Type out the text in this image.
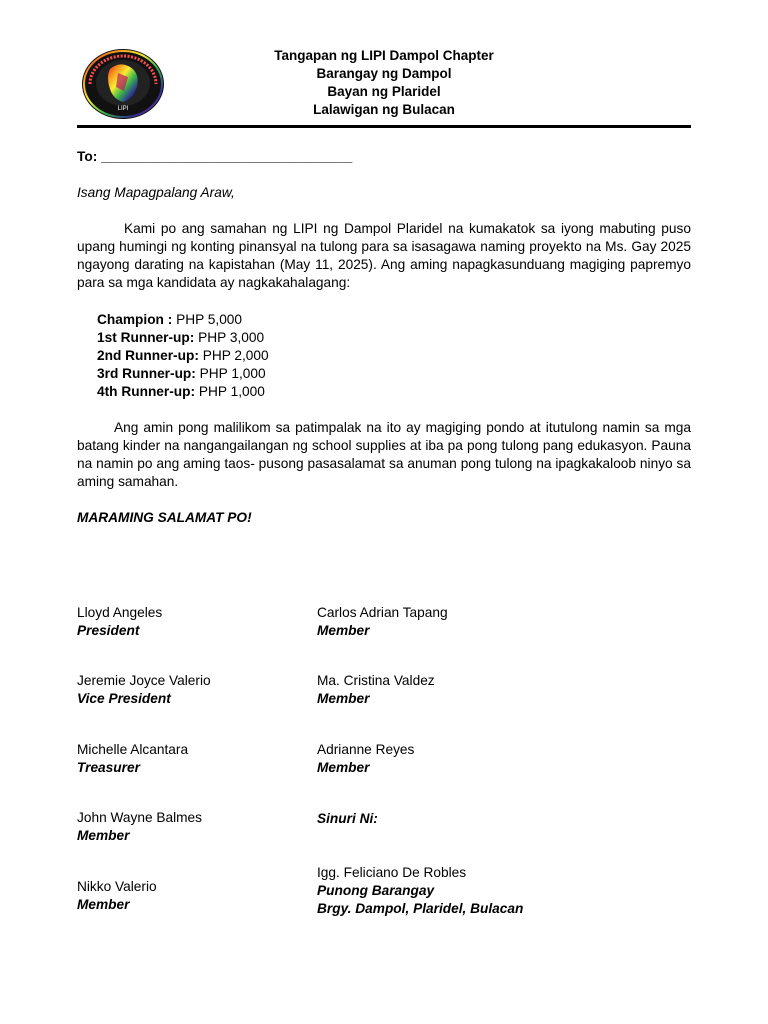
LIPI
Tangapan ng LIPI Dampol Chapter
Barangay ng Dampol
Bayan ng Plaridel
Lalawigan ng Bulacan
To: _________________________________
Isang Mapagpalang Araw,
Kami po ang samahan ng LIPI ng Dampol Plaridel na kumakatok sa iyong mabuting puso upang humingi ng konting pinansyal na tulong para sa isasagawa naming proyekto na Ms. Gay 2025 ngayong darating na kapistahan (May 11, 2025). Ang aming napagkasunduang magiging papremyo para sa mga kandidata ay nagkakahalagang:
Champion : PHP 5,000
1st Runner-up: PHP 3,000
2nd Runner-up: PHP 2,000
3rd Runner-up: PHP 1,000
4th Runner-up: PHP 1,000
Ang amin pong malilikom sa patimpalak na ito ay magiging pondo at itutulong namin sa mga batang kinder na nangangailangan ng school supplies at iba pa pong tulong pang edukasyon. Pauna na namin po ang aming taos- pusong pasasalamat sa anuman pong tulong na ipagkakaloob ninyo sa aming samahan.
MARAMING SALAMAT PO!
Lloyd Angeles
President
Jeremie Joyce Valerio
Vice President
Michelle Alcantara
Treasurer
John Wayne Balmes
Member
Nikko Valerio
Member
Carlos Adrian Tapang
Member
Ma. Cristina Valdez
Member
Adrianne Reyes
Member
Sinuri Ni:
Igg. Feliciano De Robles
Punong Barangay
Brgy. Dampol, Plaridel, Bulacan
